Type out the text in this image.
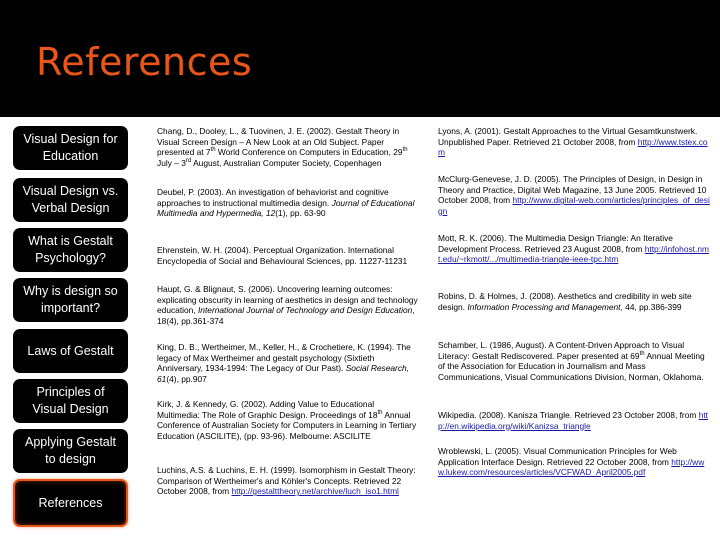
References
Visual Design for Education
Visual Design vs. Verbal Design
What is Gestalt Psychology?
Why is design so important?
Laws of Gestalt
Principles of Visual Design
Applying Gestalt to design
References
Chang, D., Dooley, L., & Tuovinen, J. E. (2002). Gestalt Theory in Visual Screen Design – A New Look at an Old Subject. Paper presented at 7th World Conference on Computers in Education, 29th July – 3rd August, Australian Computer Society, Copenhagen
Deubel, P. (2003). An investigation of behaviorist and cognitive approaches to instructional multimedia design. Journal of Educational Multimedia and Hypermedia, 12(1), pp. 63-90
Ehrenstein, W. H. (2004). Perceptual Organization. International Encyclopedia of Social and Behavioural Sciences, pp. 11227-11231
Haupt, G. & Blignaut, S. (2006). Uncovering learning outcomes: explicating obscurity in learning of aesthetics in design and technology education, International Journal of Technology and Design Education, 18(4), pp.361-374
King, D. B., Wertheimer, M., Keller, H., & Crochetiere, K. (1994). The legacy of Max Wertheimer and gestalt psychology (Sixtieth Anniversary, 1934-1994: The Legacy of Our Past). Social Research, 61(4), pp.907
Kirk, J. & Kennedy, G. (2002). Adding Value to Educational Multimedia: The Role of Graphic Design. Proceedings of 18th Annual Conference of Australian Society for Computers in Learning in Tertiary Education (ASCILITE), (pp. 93-96). Melbourne: ASCILITE
Luchins, A.S. & Luchins, E. H. (1999). Isomorphism in Gestalt Theory: Comparison of Wertheimer's and Köhler's Concepts. Retrieved 22 October 2008, from http://gestalttheory.net/archive/luch_iso1.html
Lyons, A. (2001). Gestalt Approaches to the Virtual Gesamtkunstwerk. Unpublished Paper. Retrieved 21 October 2008, from http://www.tstex.com
McClurg-Genevese, J. D. (2005). The Principles of Design, in Design in Theory and Practice, Digital Web Magazine, 13 June 2005. Retrieved 10 October 2008, from http://www.digital-web.com/articles/principles_of_design
Mott, R. K. (2006). The Multimedia Design Triangle: An Iterative Development Process. Retrieved 23 August 2008, from http://infohost.nmt.edu/~rkmott/.../multimedia-triangle-ieee-tpc.htm
Robins, D. & Holmes, J. (2008). Aesthetics and credibility in web site design. Information Processing and Management, 44, pp.386-399
Schamber, L. (1986, August). A Content-Driven Approach to Visual Literacy: Gestalt Rediscovered. Paper presented at 69th Annual Meeting of the Association for Education in Journalism and Mass Communications, Visual Communications Division, Norman, Oklahoma.
Wikipedia. (2008). Kanisza Triangle. Retrieved 23 October 2008, from http://en.wikipedia.org/wiki/Kanizsa_triangle
Wroblewski, L. (2005). Visual Communication Principles for Web Application Interface Design. Retrieved 22 October 2008, from http://www.lukew.com/resources/articles/VCFWAD_April2005.pdf
